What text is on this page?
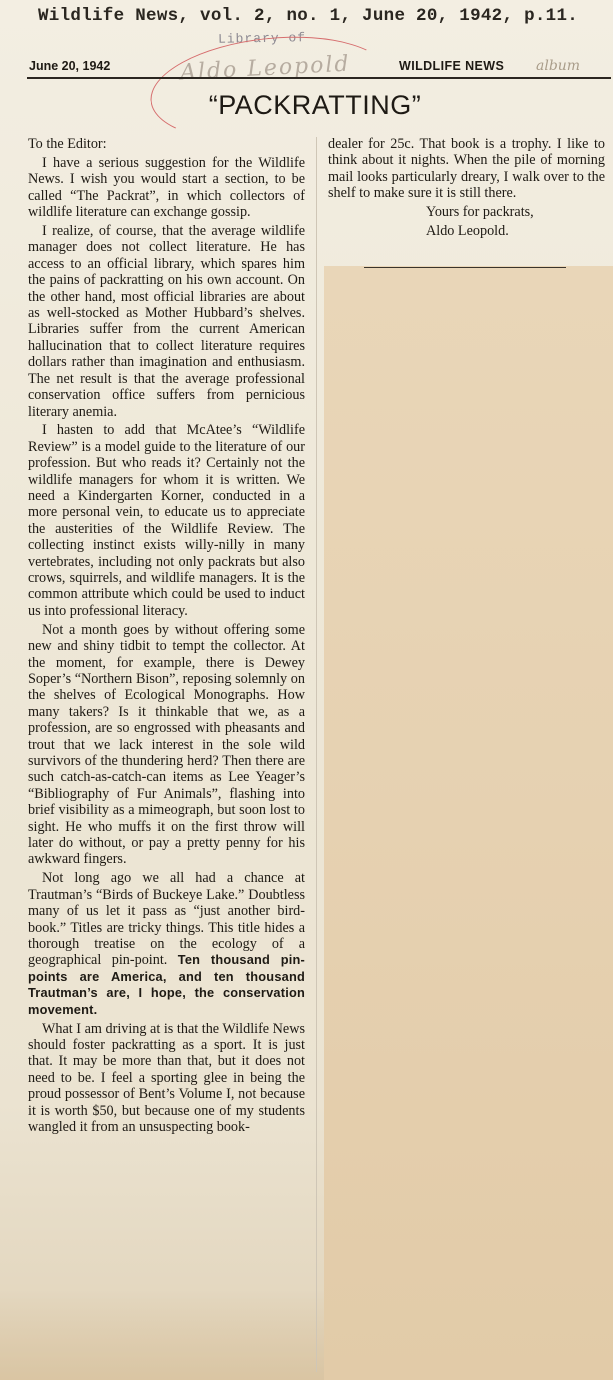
Wildlife News, vol. 2, no. 1, June 20, 1942, p.11.
Library of
Aldo Leopold	album
June 20, 1942	WILDLIFE NEWS
“PACKRATTING”

To the Editor:

I have a serious suggestion for the Wildlife News. I wish you would start a section, to be called “The Packrat”, in which collectors of wildlife literature can exchange gossip.

I realize, of course, that the average wildlife manager does not collect literature. He has access to an official library, which spares him the pains of packratting on his own account. On the other hand, most official libraries are about as well-stocked as Mother Hubbard’s shelves. Libraries suffer from the current American hallucination that to collect literature requires dollars rather than imagination and enthusiasm. The net result is that the average professional conservation office suffers from pernicious literary anemia.

I hasten to add that McAtee’s “Wildlife Review” is a model guide to the literature of our profession. But who reads it? Certainly not the wildlife managers for whom it is written. We need a Kindergarten Korner, conducted in a more personal vein, to educate us to appreciate the austerities of the Wildlife Review. The collecting instinct exists willy-nilly in many vertebrates, including not only packrats but also crows, squirrels, and wildlife managers. It is the common attribute which could be used to induct us into professional literacy.

Not a month goes by without offering some new and shiny tidbit to tempt the collector. At the moment, for example, there is Dewey Soper’s “Northern Bison”, reposing solemnly on the shelves of Ecological Monographs. How many takers? Is it thinkable that we, as a profession, are so engrossed with pheasants and trout that we lack interest in the sole wild survivors of the thundering herd? Then there are such catch-as-catch-can items as Lee Yeager’s “Bibliography of Fur Animals”, flashing into brief visibility as a mimeograph, but soon lost to sight. He who muffs it on the first throw will later do without, or pay a pretty penny for his awkward fingers.

Not long ago we all had a chance at Trautman’s “Birds of Buckeye Lake.” Doubtless many of us let it pass as “just another bird-book.” Titles are tricky things. This title hides a thorough treatise on the ecology of a geographical pin-point. Ten thousand pin-points are America, and ten thousand Trautman’s are, I hope, the conservation movement.

What I am driving at is that the Wildlife News should foster packratting as a sport. It is just that. It may be more than that, but it does not need to be. I feel a sporting glee in being the proud possessor of Bent’s Volume I, not because it is worth $50, but because one of my students wangled it from an unsuspecting book-

dealer for 25c. That book is a trophy. I like to think about it nights. When the pile of morning mail looks particularly dreary, I walk over to the shelf to make sure it is still there.

Yours for packrats,

Aldo Leopold.
